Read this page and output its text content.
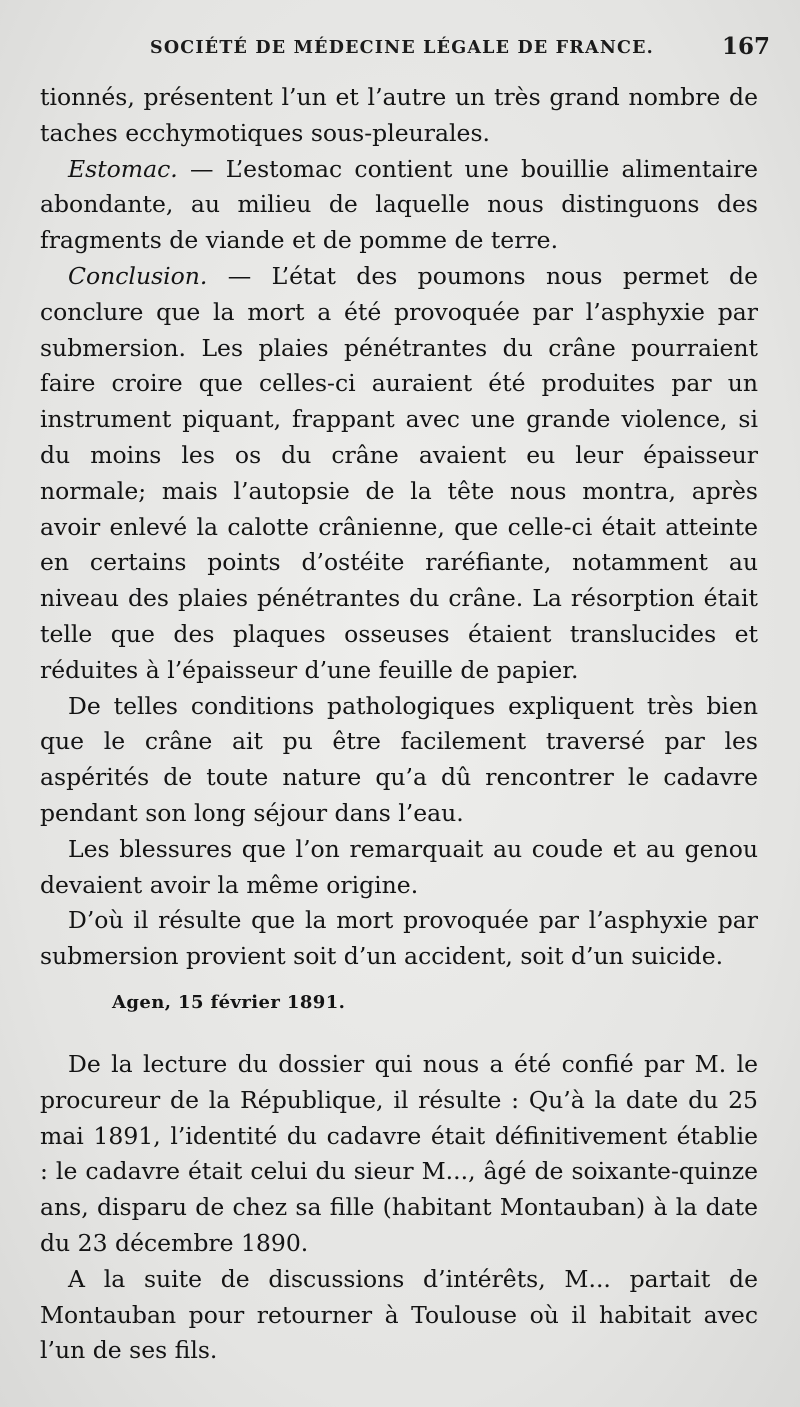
SOCIÉTÉ DE MÉDECINE LÉGALE DE FRANCE.	167

tionnés, présentent l’un et l’autre un très grand nombre de taches ecchymotiques sous-pleurales.

Estomac. — L’estomac contient une bouillie alimentaire abondante, au milieu de laquelle nous distinguons des fragments de viande et de pomme de terre.

Conclusion. — L’état des poumons nous permet de conclure que la mort a été provoquée par l’asphyxie par submersion. Les plaies pénétrantes du crâne pourraient faire croire que celles-ci auraient été produites par un instrument piquant, frappant avec une grande violence, si du moins les os du crâne avaient eu leur épaisseur normale; mais l’autopsie de la tête nous montra, après avoir enlevé la calotte crânienne, que celle-ci était atteinte en certains points d’ostéite raréfiante, notamment au niveau des plaies pénétrantes du crâne. La résorption était telle que des plaques osseuses étaient translucides et réduites à l’épaisseur d’une feuille de papier.

De telles conditions pathologiques expliquent très bien que le crâne ait pu être facilement traversé par les aspérités de toute nature qu’a dû rencontrer le cadavre pendant son long séjour dans l’eau.

Les blessures que l’on remarquait au coude et au genou devaient avoir la même origine.

D’où il résulte que la mort provoquée par l’asphyxie par submersion provient soit d’un accident, soit d’un suicide.

Agen, 15 février 1891.

De la lecture du dossier qui nous a été confié par M. le procureur de la République, il résulte : Qu’à la date du 25 mai 1891, l’identité du cadavre était définitivement établie : le cadavre était celui du sieur M..., âgé de soixante-quinze ans, disparu de chez sa fille (habitant Montauban) à la date du 23 décembre 1890.

A la suite de discussions d’intérêts, M... partait de Montauban pour retourner à Toulouse où il habitait avec l’un de ses fils.
